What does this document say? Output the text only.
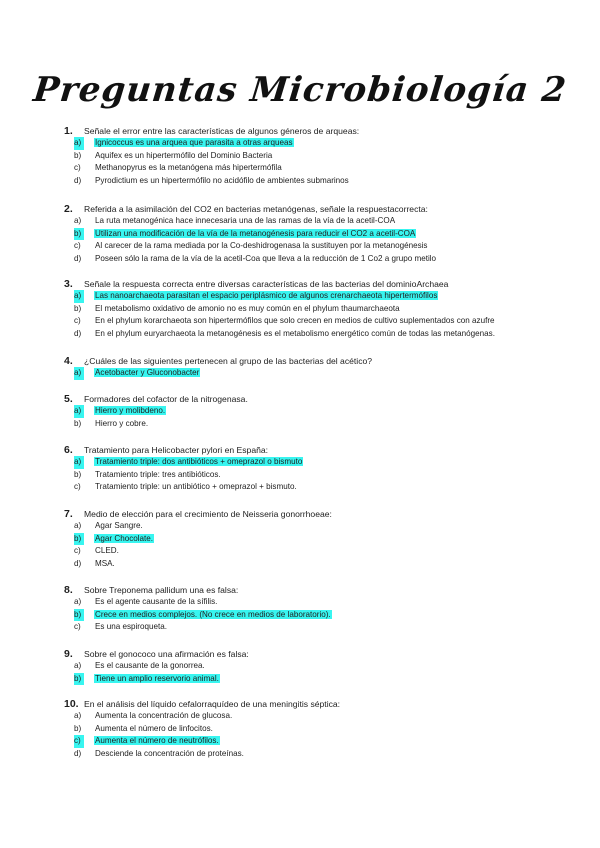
Preguntas Microbiología 2
1. Señale el error entre las características de algunos géneros de arqueas:
a) Ignicoccus es una arquea que parasita a otras arqueas
b) Aquifex es un hipertermófilo del Dominio Bacteria
c) Methanopyrus es la metanógena más hipertermófila
d) Pyrodictium es un hipertermófilo no acidófilo de ambientes submarinos
2. Referida a la asimilación del CO2 en bacterias metanógenas, señale la respuestacorrecta:
a) La ruta metanogénica hace innecesaria una de las ramas de la vía de la acetil-COA
b) Utilizan una modificación de la vía de la metanogénesis para reducir el CO2 a acetil-COA
c) Al carecer de la rama mediada por la Co-deshidrogenasa la sustituyen por la metanogénesis
d) Poseen sólo la rama de la vía de la acetil-Coa que lleva a la reducción de 1 Co2 a grupo metilo
3. Señale la respuesta correcta entre diversas características de las bacterias del dominioArchaea
a) Las nanoarchaeota parasitan el espacio periplásmico de algunos crenarchaeota hipertermófilos
b) El metabolismo oxidativo de amonio no es muy común en el phylum thaumarchaeota
c) En el phylum korarchaeota son hipertermófilos que solo crecen en medios de cultivo suplementados con azufre
d) En el phylum euryarchaeota la metanogénesis es el metabolismo energético común de todas las metanógenas.
4. ¿Cuáles de las siguientes pertenecen al grupo de las bacterias del acético?
a) Acetobacter y Gluconobacter
5. Formadores del cofactor de la nitrogenasa.
a) Hierro y molibdeno.
b) Hierro y cobre.
6. Tratamiento para Helicobacter pylori en España:
a) Tratamiento triple: dos antibióticos + omeprazol o bismuto
b) Tratamiento triple: tres antibióticos.
c) Tratamiento triple: un antibiótico + omeprazol + bismuto.
7. Medio de elección para el crecimiento de Neisseria gonorrhoeae:
a) Agar Sangre.
b) Agar Chocolate.
c) CLED.
d) MSA.
8. Sobre Treponema pallidum una es falsa:
a) Es el agente causante de la sífilis.
b) Crece en medios complejos. (No crece en medios de laboratorio).
c) Es una espiroqueta.
9. Sobre el gonococo una afirmación es falsa:
a) Es el causante de la gonorrea.
b) Tiene un amplio reservorio animal.
10. En el análisis del líquido cefalorraquídeo de una meningitis séptica:
a) Aumenta la concentración de glucosa.
b) Aumenta el número de linfocitos.
c) Aumenta el número de neutrófilos.
d) Desciende la concentración de proteínas.
